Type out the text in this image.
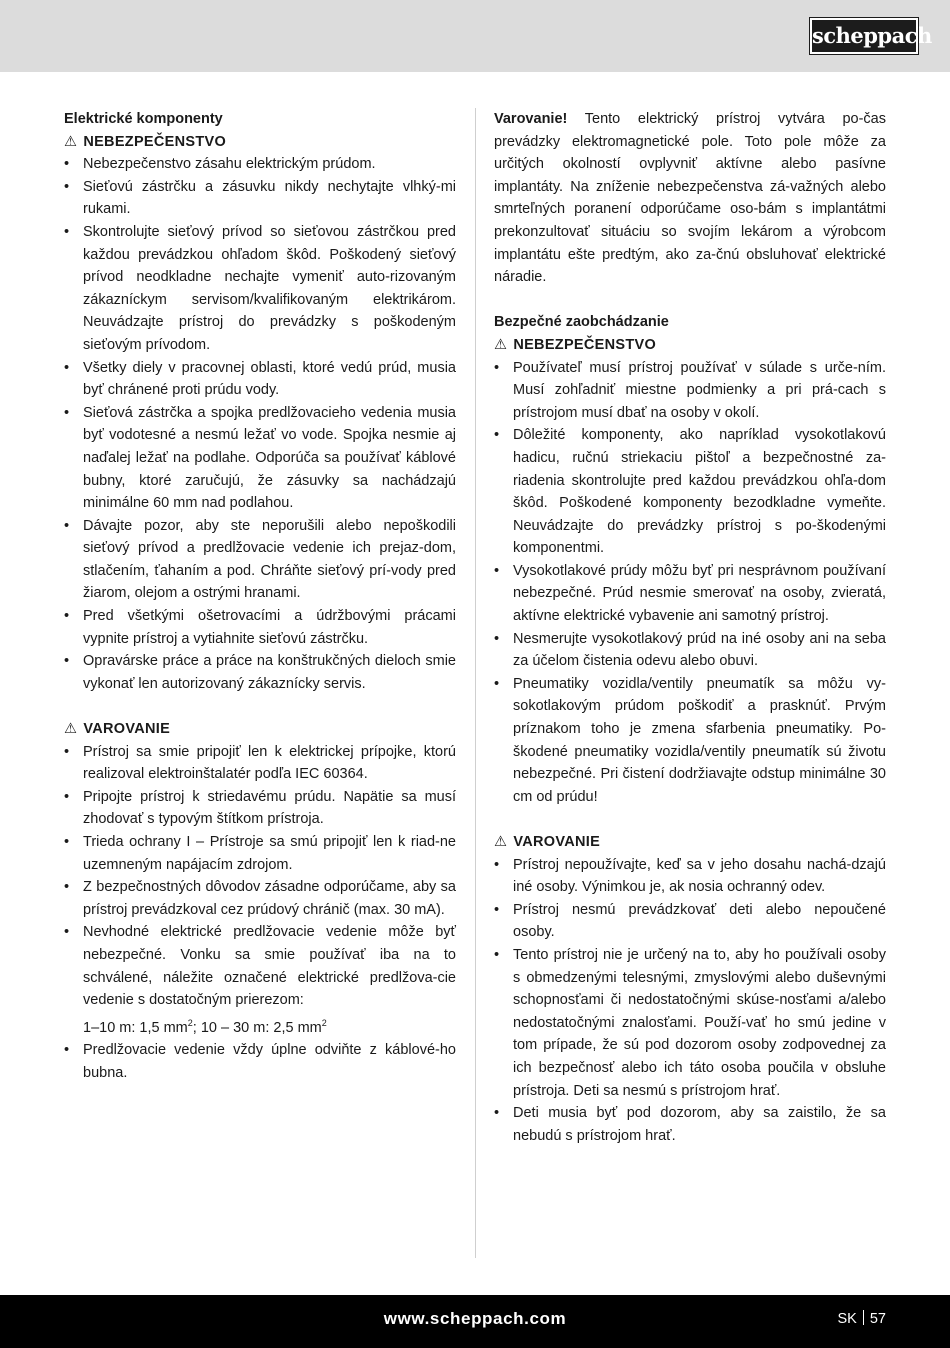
scheppach

Elektrické komponenty

⚠ NEBEZPEČENSTVO

• Nebezpečenstvo zásahu elektrickým prúdom.
• Sieťovú zástrčku a zásuvku nikdy nechytajte vlhký-mi rukami.
• Skontrolujte sieťový prívod so sieťovou zástrčkou pred každou prevádzkou ohľadom škôd. Poškodený sieťový prívod neodkladne nechajte vymeniť auto-rizovaným zákazníckym servisom/kvalifikovaným elektrikárom. Neuvádzajte prístroj do prevádzky s poškodeným sieťovým prívodom.
• Všetky diely v pracovnej oblasti, ktoré vedú prúd, musia byť chránené proti prúdu vody.
• Sieťová zástrčka a spojka predlžovacieho vedenia musia byť vodotesné a nesmú ležať vo vode. Spojka nesmie aj naďalej ležať na podlahe. Odporúča sa používať káblové bubny, ktoré zaručujú, že zásuvky sa nachádzajú minimálne 60 mm nad podlahou.
• Dávajte pozor, aby ste neporušili alebo nepoškodili sieťový prívod a predlžovacie vedenie ich prejaz-dom, stlačením, ťahaním a pod. Chráňte sieťový prí-vody pred žiarom, olejom a ostrými hranami.
• Pred všetkými ošetrovacími a údržbovými prácami vypnite prístroj a vytiahnite sieťovú zástrčku.
• Opravárske práce a práce na konštrukčných dieloch smie vykonať len autorizovaný zákaznícky servis.

⚠ VAROVANIE

• Prístroj sa smie pripojiť len k elektrickej prípojke, ktorú realizoval elektroinštalatér podľa IEC 60364.
• Pripojte prístroj k striedavému prúdu. Napätie sa musí zhodovať s typovým štítkom prístroja.
• Trieda ochrany I – Prístroje sa smú pripojiť len k riad-ne uzemneným napájacím zdrojom.
• Z bezpečnostných dôvodov zásadne odporúčame, aby sa prístroj prevádzkoval cez prúdový chránič (max. 30 mA).
• Nevhodné elektrické predlžovacie vedenie môže byť nebezpečné. Vonku sa smie používať iba na to schválené, náležite označené elektrické predlžova-cie vedenie s dostatočným prierezom:
1–10 m: 1,5 $mm^2$; 10 – 30 m: 2,5 $mm^2$
• Predlžovacie vedenie vždy úplne odviňte z káblové-ho bubna.

Varovanie! Tento elektrický prístroj vytvára po-čas prevádzky elektromagnetické pole. Toto pole môže za určitých okolností ovplyvniť aktívne alebo pasívne implantáty. Na zníženie nebezpečenstva zá-važných alebo smrteľných poranení odporúčame oso-bám s implantátmi prekonzultovať situáciu so svojím lekárom a výrobcom implantátu ešte predtým, ako za-čnú obsluhovať elektrické náradie.

Bezpečné zaobchádzanie

⚠ NEBEZPEČENSTVO

• Používateľ musí prístroj používať v súlade s urče-ním. Musí zohľadniť miestne podmienky a pri prá-cach s prístrojom musí dbať na osoby v okolí.
• Dôležité komponenty, ako napríklad vysokotlakovú hadicu, ručnú striekaciu pištoľ a bezpečnostné za-riadenia skontrolujte pred každou prevádzkou ohľa-dom škôd. Poškodené komponenty bezodkladne vymeňte. Neuvádzajte do prevádzky prístroj s po-škodenými komponentmi.
• Vysokotlakové prúdy môžu byť pri nesprávnom používaní nebezpečné. Prúd nesmie smerovať na osoby, zvieratá, aktívne elektrické vybavenie ani samotný prístroj.
• Nesmerujte vysokotlakový prúd na iné osoby ani na seba za účelom čistenia odevu alebo obuvi.
• Pneumatiky vozidla/ventily pneumatík sa môžu vy-sokotlakovým prúdom poškodiť a prasknúť. Prvým príznakom toho je zmena sfarbenia pneumatiky. Po-škodené pneumatiky vozidla/ventily pneumatík sú životu nebezpečné. Pri čistení dodržiavajte odstup minimálne 30 cm od prúdu!

⚠ VAROVANIE

• Prístroj nepoužívajte, keď sa v jeho dosahu nachá-dzajú iné osoby. Výnimkou je, ak nosia ochranný odev.
• Prístroj nesmú prevádzkovať deti alebo nepoučené osoby.
• Tento prístroj nie je určený na to, aby ho používali osoby s obmedzenými telesnými, zmyslovými alebo duševnými schopnosťami či nedostatočnými skúse-nosťami a/alebo nedostatočnými znalosťami. Použí-vať ho smú jedine v tom prípade, že sú pod dozorom osoby zodpovednej za ich bezpečnosť alebo ich táto osoba poučila v obsluhe prístroja. Deti sa nesmú s prístrojom hrať.
• Deti musia byť pod dozorom, aby sa zaistilo, že sa nebudú s prístrojom hrať.
www.scheppach.com	SK 57
